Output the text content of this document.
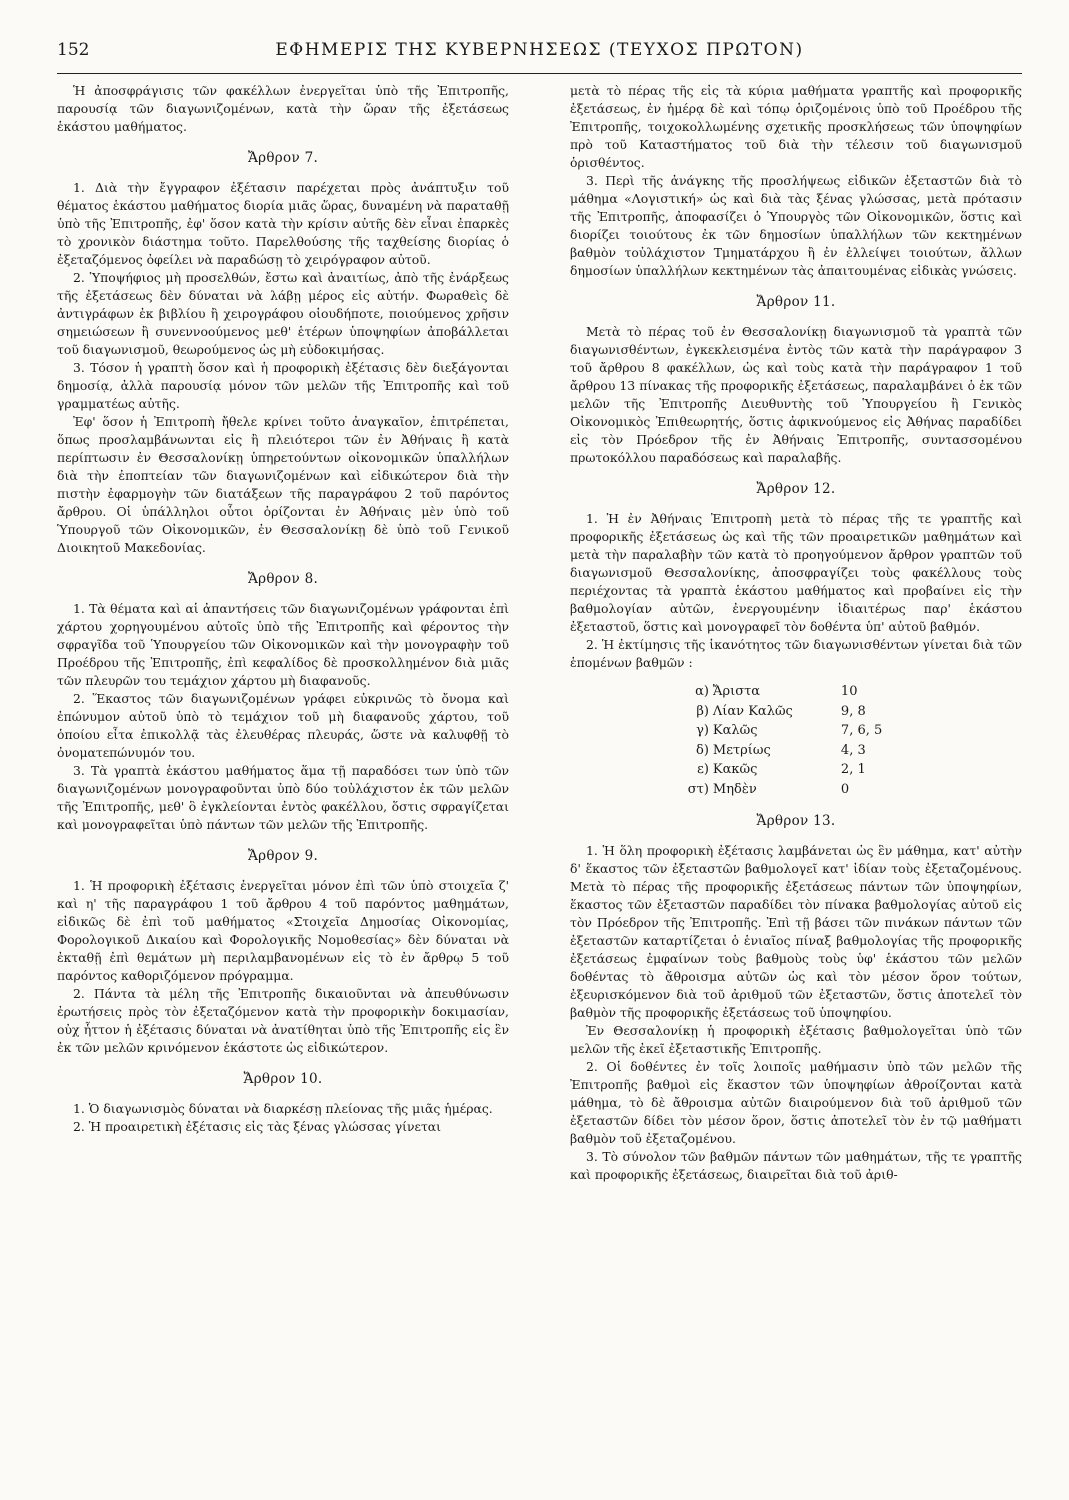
152	ΕΦΗΜΕΡΙΣ ΤΗΣ ΚΥΒΕΡΝΗΣΕΩΣ (ΤΕΥΧΟΣ ΠΡΩΤΟΝ)

Ἡ ἀποσφράγισις τῶν φακέλλων ἐνεργεῖται ὑπὸ τῆς Ἐπιτροπῆς, παρουσίᾳ τῶν διαγωνιζομένων, κατὰ τὴν ὥραν τῆς ἐξετάσεως ἑκάστου μαθήματος.

Ἄρθρον 7.

1. Διὰ τὴν ἔγγραφον ἐξέτασιν παρέχεται πρὸς ἀνάπτυξιν τοῦ θέματος ἑκάστου μαθήματος διορία μιᾶς ὥρας, δυναμένη νὰ παραταθῇ ὑπὸ τῆς Ἐπιτροπῆς, ἐφ' ὅσον κατὰ τὴν κρίσιν αὐτῆς δὲν εἶναι ἐπαρκὲς τὸ χρονικὸν διάστημα τοῦτο. Παρελθούσης τῆς ταχθείσης διορίας ὁ ἐξεταζόμενος ὀφείλει νὰ παραδώσῃ τὸ χειρόγραφον αὐτοῦ.

2. Ὑποψήφιος μὴ προσελθών, ἔστω καὶ ἀναιτίως, ἀπὸ τῆς ἐνάρξεως τῆς ἐξετάσεως δὲν δύναται νὰ λάβῃ μέρος εἰς αὐτήν. Φωραθεὶς δὲ ἀντιγράφων ἐκ βιβλίου ἢ χειρογράφου οἱουδήποτε, ποιούμενος χρῆσιν σημειώσεων ἢ συνεννοούμενος μεθ' ἑτέρων ὑποψηφίων ἀποβάλλεται τοῦ διαγωνισμοῦ, θεωρούμενος ὡς μὴ εὐδοκιμήσας.

3. Τόσον ἡ γραπτὴ ὅσον καὶ ἡ προφορικὴ ἐξέτασις δὲν διεξάγονται δημοσίᾳ, ἀλλὰ παρουσίᾳ μόνον τῶν μελῶν τῆς Ἐπιτροπῆς καὶ τοῦ γραμματέως αὐτῆς.

Ἐφ' ὅσον ἡ Ἐπιτροπὴ ἤθελε κρίνει τοῦτο ἀναγκαῖον, ἐπιτρέπεται, ὅπως προσλαμβάνωνται εἰς ἢ πλειότεροι τῶν ἐν Ἀθήναις ἢ κατὰ περίπτωσιν ἐν Θεσσαλονίκῃ ὑπηρετούντων οἰκονομικῶν ὑπαλλήλων διὰ τὴν ἐποπτείαν τῶν διαγωνιζομένων καὶ εἰδικώτερον διὰ τὴν πιστὴν ἐφαρμογὴν τῶν διατάξεων τῆς παραγράφου 2 τοῦ παρόντος ἄρθρου. Οἱ ὑπάλληλοι οὗτοι ὁρίζονται ἐν Ἀθήναις μὲν ὑπὸ τοῦ Ὑπουργοῦ τῶν Οἰκονομικῶν, ἐν Θεσσαλονίκῃ δὲ ὑπὸ τοῦ Γενικοῦ Διοικητοῦ Μακεδονίας.

Ἄρθρον 8.

1. Τὰ θέματα καὶ αἱ ἀπαντήσεις τῶν διαγωνιζομένων γράφονται ἐπὶ χάρτου χορηγουμένου αὐτοῖς ὑπὸ τῆς Ἐπιτροπῆς καὶ φέροντος τὴν σφραγῖδα τοῦ Ὑπουργείου τῶν Οἰκονομικῶν καὶ τὴν μονογραφὴν τοῦ Προέδρου τῆς Ἐπιτροπῆς, ἐπὶ κεφαλίδος δὲ προσκολλημένον διὰ μιᾶς τῶν πλευρῶν του τεμάχιον χάρτου μὴ διαφανοῦς.

2. Ἕκαστος τῶν διαγωνιζομένων γράφει εὐκρινῶς τὸ ὄνομα καὶ ἐπώνυμον αὐτοῦ ὑπὸ τὸ τεμάχιον τοῦ μὴ διαφανοῦς χάρτου, τοῦ ὁποίου εἶτα ἐπικολλᾷ τὰς ἐλευθέρας πλευράς, ὥστε νὰ καλυφθῇ τὸ ὀνοματεπώνυμόν του.

3. Τὰ γραπτὰ ἑκάστου μαθήματος ἅμα τῇ παραδόσει των ὑπὸ τῶν διαγωνιζομένων μονογραφοῦνται ὑπὸ δύο τοὐλάχιστον ἐκ τῶν μελῶν τῆς Ἐπιτροπῆς, μεθ' ὃ ἐγκλείονται ἐντὸς φακέλλου, ὅστις σφραγίζεται καὶ μονογραφεῖται ὑπὸ πάντων τῶν μελῶν τῆς Ἐπιτροπῆς.

Ἄρθρον 9.

1. Ἡ προφορικὴ ἐξέτασις ἐνεργεῖται μόνον ἐπὶ τῶν ὑπὸ στοιχεῖα ζ' καὶ η' τῆς παραγράφου 1 τοῦ ἄρθρου 4 τοῦ παρόντος μαθημάτων, εἰδικῶς δὲ ἐπὶ τοῦ μαθήματος «Στοιχεῖα Δημοσίας Οἰκονομίας, Φορολογικοῦ Δικαίου καὶ Φορολογικῆς Νομοθεσίας» δὲν δύναται νὰ ἐκταθῇ ἐπὶ θεμάτων μὴ περιλαμβανομένων εἰς τὸ ἐν ἄρθρῳ 5 τοῦ παρόντος καθοριζόμενον πρόγραμμα.

2. Πάντα τὰ μέλη τῆς Ἐπιτροπῆς δικαιοῦνται νὰ ἀπευθύνωσιν ἐρωτήσεις πρὸς τὸν ἐξεταζόμενον κατὰ τὴν προφορικὴν δοκιμασίαν, οὐχ ἧττον ἡ ἐξέτασις δύναται νὰ ἀνατίθηται ὑπὸ τῆς Ἐπιτροπῆς εἰς ἓν ἐκ τῶν μελῶν κρινόμενον ἑκάστοτε ὡς εἰδικώτερον.

Ἄρθρον 10.

1. Ὁ διαγωνισμὸς δύναται νὰ διαρκέσῃ πλείονας τῆς μιᾶς ἡμέρας.

2. Ἡ προαιρετικὴ ἐξέτασις εἰς τὰς ξένας γλώσσας γίνεται

μετὰ τὸ πέρας τῆς εἰς τὰ κύρια μαθήματα γραπτῆς καὶ προφορικῆς ἐξετάσεως, ἐν ἡμέρᾳ δὲ καὶ τόπῳ ὁριζομένοις ὑπὸ τοῦ Προέδρου τῆς Ἐπιτροπῆς, τοιχοκολλωμένης σχετικῆς προσκλήσεως τῶν ὑποψηφίων πρὸ τοῦ Καταστήματος τοῦ διὰ τὴν τέλεσιν τοῦ διαγωνισμοῦ ὁρισθέντος.

3. Περὶ τῆς ἀνάγκης τῆς προσλήψεως εἰδικῶν ἐξεταστῶν διὰ τὸ μάθημα «Λογιστική» ὡς καὶ διὰ τὰς ξένας γλώσσας, μετὰ πρότασιν τῆς Ἐπιτροπῆς, ἀποφασίζει ὁ Ὑπουργὸς τῶν Οἰκονομικῶν, ὅστις καὶ διορίζει τοιούτους ἐκ τῶν δημοσίων ὑπαλλήλων τῶν κεκτημένων βαθμὸν τοὐλάχιστον Τμηματάρχου ἢ ἐν ἐλλείψει τοιούτων, ἄλλων δημοσίων ὑπαλλήλων κεκτημένων τὰς ἀπαιτουμένας εἰδικὰς γνώσεις.

Ἄρθρον 11.

Μετὰ τὸ πέρας τοῦ ἐν Θεσσαλονίκῃ διαγωνισμοῦ τὰ γραπτὰ τῶν διαγωνισθέντων, ἐγκεκλεισμένα ἐντὸς τῶν κατὰ τὴν παράγραφον 3 τοῦ ἄρθρου 8 φακέλλων, ὡς καὶ τοὺς κατὰ τὴν παράγραφον 1 τοῦ ἄρθρου 13 πίνακας τῆς προφορικῆς ἐξετάσεως, παραλαμβάνει ὁ ἐκ τῶν μελῶν τῆς Ἐπιτροπῆς Διευθυντὴς τοῦ Ὑπουργείου ἢ Γενικὸς Οἰκονομικὸς Ἐπιθεωρητής, ὅστις ἀφικνούμενος εἰς Ἀθήνας παραδίδει εἰς τὸν Πρόεδρον τῆς ἐν Ἀθήναις Ἐπιτροπῆς, συντασσομένου πρωτοκόλλου παραδόσεως καὶ παραλαβῆς.

Ἄρθρον 12.

1. Ἡ ἐν Ἀθήναις Ἐπιτροπὴ μετὰ τὸ πέρας τῆς τε γραπτῆς καὶ προφορικῆς ἐξετάσεως ὡς καὶ τῆς τῶν προαιρετικῶν μαθημάτων καὶ μετὰ τὴν παραλαβὴν τῶν κατὰ τὸ προηγούμενον ἄρθρον γραπτῶν τοῦ διαγωνισμοῦ Θεσσαλονίκης, ἀποσφραγίζει τοὺς φακέλλους τοὺς περιέχοντας τὰ γραπτὰ ἑκάστου μαθήματος καὶ προβαίνει εἰς τὴν βαθμολογίαν αὐτῶν, ἐνεργουμένην ἰδιαιτέρως παρ' ἑκάστου ἐξεταστοῦ, ὅστις καὶ μονογραφεῖ τὸν δοθέντα ὑπ' αὐτοῦ βαθμόν.

2. Ἡ ἐκτίμησις τῆς ἱκανότητος τῶν διαγωνισθέντων γίνεται διὰ τῶν ἑπομένων βαθμῶν :

α) Ἄριστα	10
β) Λίαν Καλῶς	9, 8
γ) Καλῶς	7, 6, 5
δ) Μετρίως	4, 3
ε) Κακῶς	2, 1
στ) Μηδὲν	0
Ἄρθρον 13.

1. Ἡ ὅλη προφορικὴ ἐξέτασις λαμβάνεται ὡς ἓν μάθημα, κατ' αὐτὴν δ' ἕκαστος τῶν ἐξεταστῶν βαθμολογεῖ κατ' ἰδίαν τοὺς ἐξεταζομένους. Μετὰ τὸ πέρας τῆς προφορικῆς ἐξετάσεως πάντων τῶν ὑποψηφίων, ἕκαστος τῶν ἐξεταστῶν παραδίδει τὸν πίνακα βαθμολογίας αὐτοῦ εἰς τὸν Πρόεδρον τῆς Ἐπιτροπῆς. Ἐπὶ τῇ βάσει τῶν πινάκων πάντων τῶν ἐξεταστῶν καταρτίζεται ὁ ἑνιαῖος πίναξ βαθμολογίας τῆς προφορικῆς ἐξετάσεως ἐμφαίνων τοὺς βαθμοὺς τοὺς ὑφ' ἑκάστου τῶν μελῶν δοθέντας τὸ ἄθροισμα αὐτῶν ὡς καὶ τὸν μέσον ὅρον τούτων, ἐξευρισκόμενον διὰ τοῦ ἀριθμοῦ τῶν ἐξεταστῶν, ὅστις ἀποτελεῖ τὸν βαθμὸν τῆς προφορικῆς ἐξετάσεως τοῦ ὑποψηφίου.

Ἐν Θεσσαλονίκῃ ἡ προφορικὴ ἐξέτασις βαθμολογεῖται ὑπὸ τῶν μελῶν τῆς ἐκεῖ ἐξεταστικῆς Ἐπιτροπῆς.

2. Οἱ δοθέντες ἐν τοῖς λοιποῖς μαθήμασιν ὑπὸ τῶν μελῶν τῆς Ἐπιτροπῆς βαθμοὶ εἰς ἕκαστον τῶν ὑποψηφίων ἀθροίζονται κατὰ μάθημα, τὸ δὲ ἄθροισμα αὐτῶν διαιρούμενον διὰ τοῦ ἀριθμοῦ τῶν ἐξεταστῶν δίδει τὸν μέσον ὅρον, ὅστις ἀποτελεῖ τὸν ἐν τῷ μαθήματι βαθμὸν τοῦ ἐξεταζομένου.

3. Τὸ σύνολον τῶν βαθμῶν πάντων τῶν μαθημάτων, τῆς τε γραπτῆς καὶ προφορικῆς ἐξετάσεως, διαιρεῖται διὰ τοῦ ἀριθ-
